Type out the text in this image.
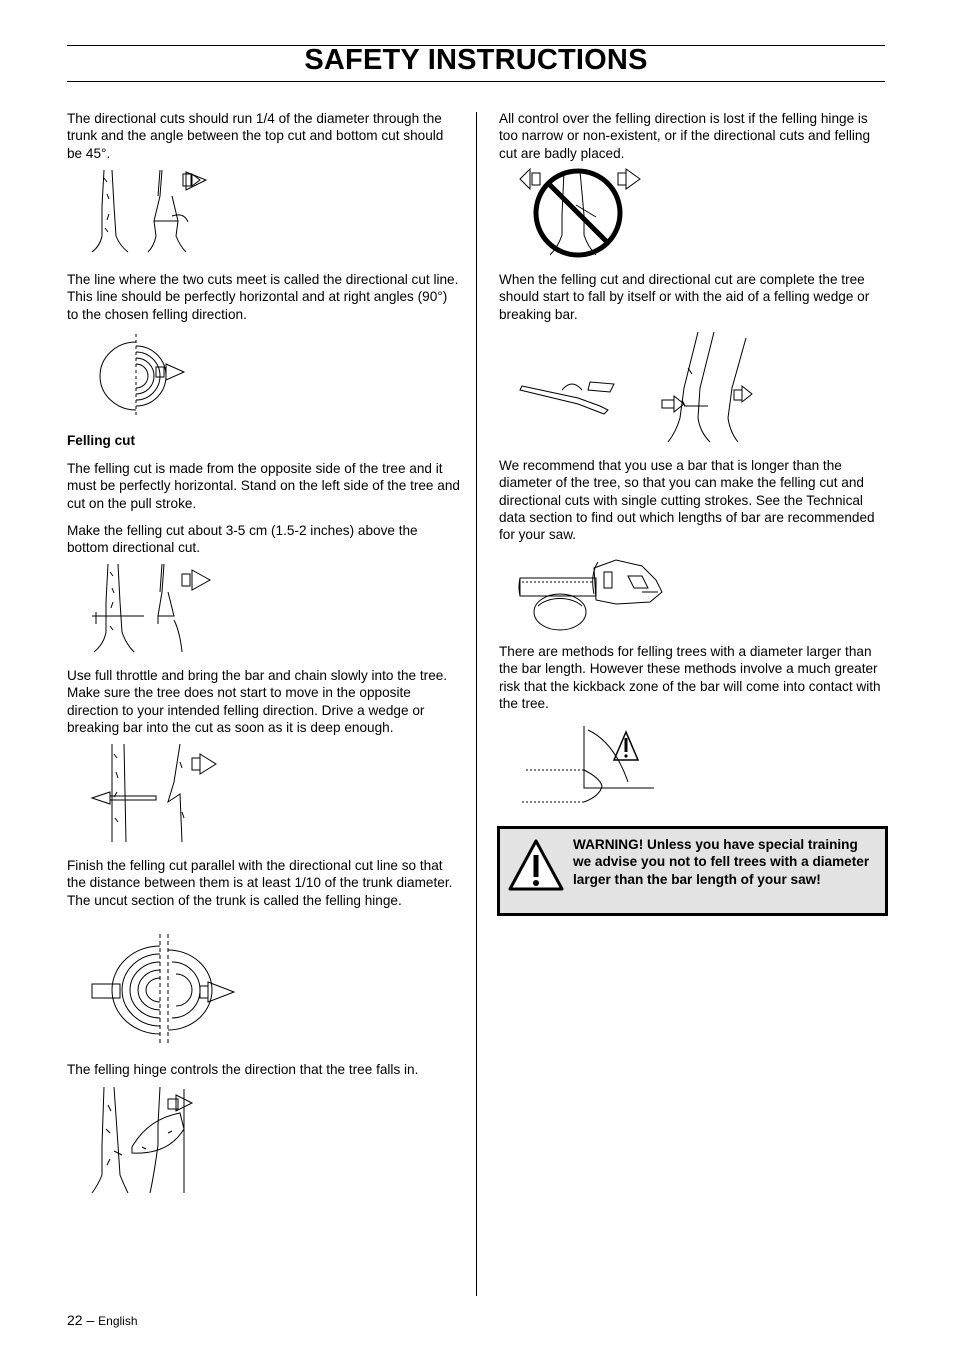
SAFETY INSTRUCTIONS

The directional cuts should run 1/4 of the diameter through the trunk and the angle between the top cut and bottom cut should be 45°.

The line where the two cuts meet is called the directional cut line. This line should be perfectly horizontal and at right angles (90°) to the chosen felling direction.

Felling cut

The felling cut is made from the opposite side of the tree and it must be perfectly horizontal. Stand on the left side of the tree and cut on the pull stroke.

Make the felling cut about 3-5 cm (1.5-2 inches) above the bottom directional cut.

Use full throttle and bring the bar and chain slowly into the tree. Make sure the tree does not start to move in the opposite direction to your intended felling direction. Drive a wedge or breaking bar into the cut as soon as it is deep enough.

Finish the felling cut parallel with the directional cut line so that the distance between them is at least 1/10 of the trunk diameter. The uncut section of the trunk is called the felling hinge.

The felling hinge controls the direction that the tree falls in.

All control over the felling direction is lost if the felling hinge is too narrow or non-existent, or if the directional cuts and felling cut are badly placed.

When the felling cut and directional cut are complete the tree should start to fall by itself or with the aid of a felling wedge or breaking bar.

We recommend that you use a bar that is longer than the diameter of the tree, so that you can make the felling cut and directional cuts with single cutting strokes. See the Technical data section to find out which lengths of bar are recommended for your saw.

There are methods for felling trees with a diameter larger than the bar length. However these methods involve a much greater risk that the kickback zone of the bar will come into contact with the tree.

WARNING! Unless you have special training we advise you not to fell trees with a diameter larger than the bar length of your saw!

22 – English
